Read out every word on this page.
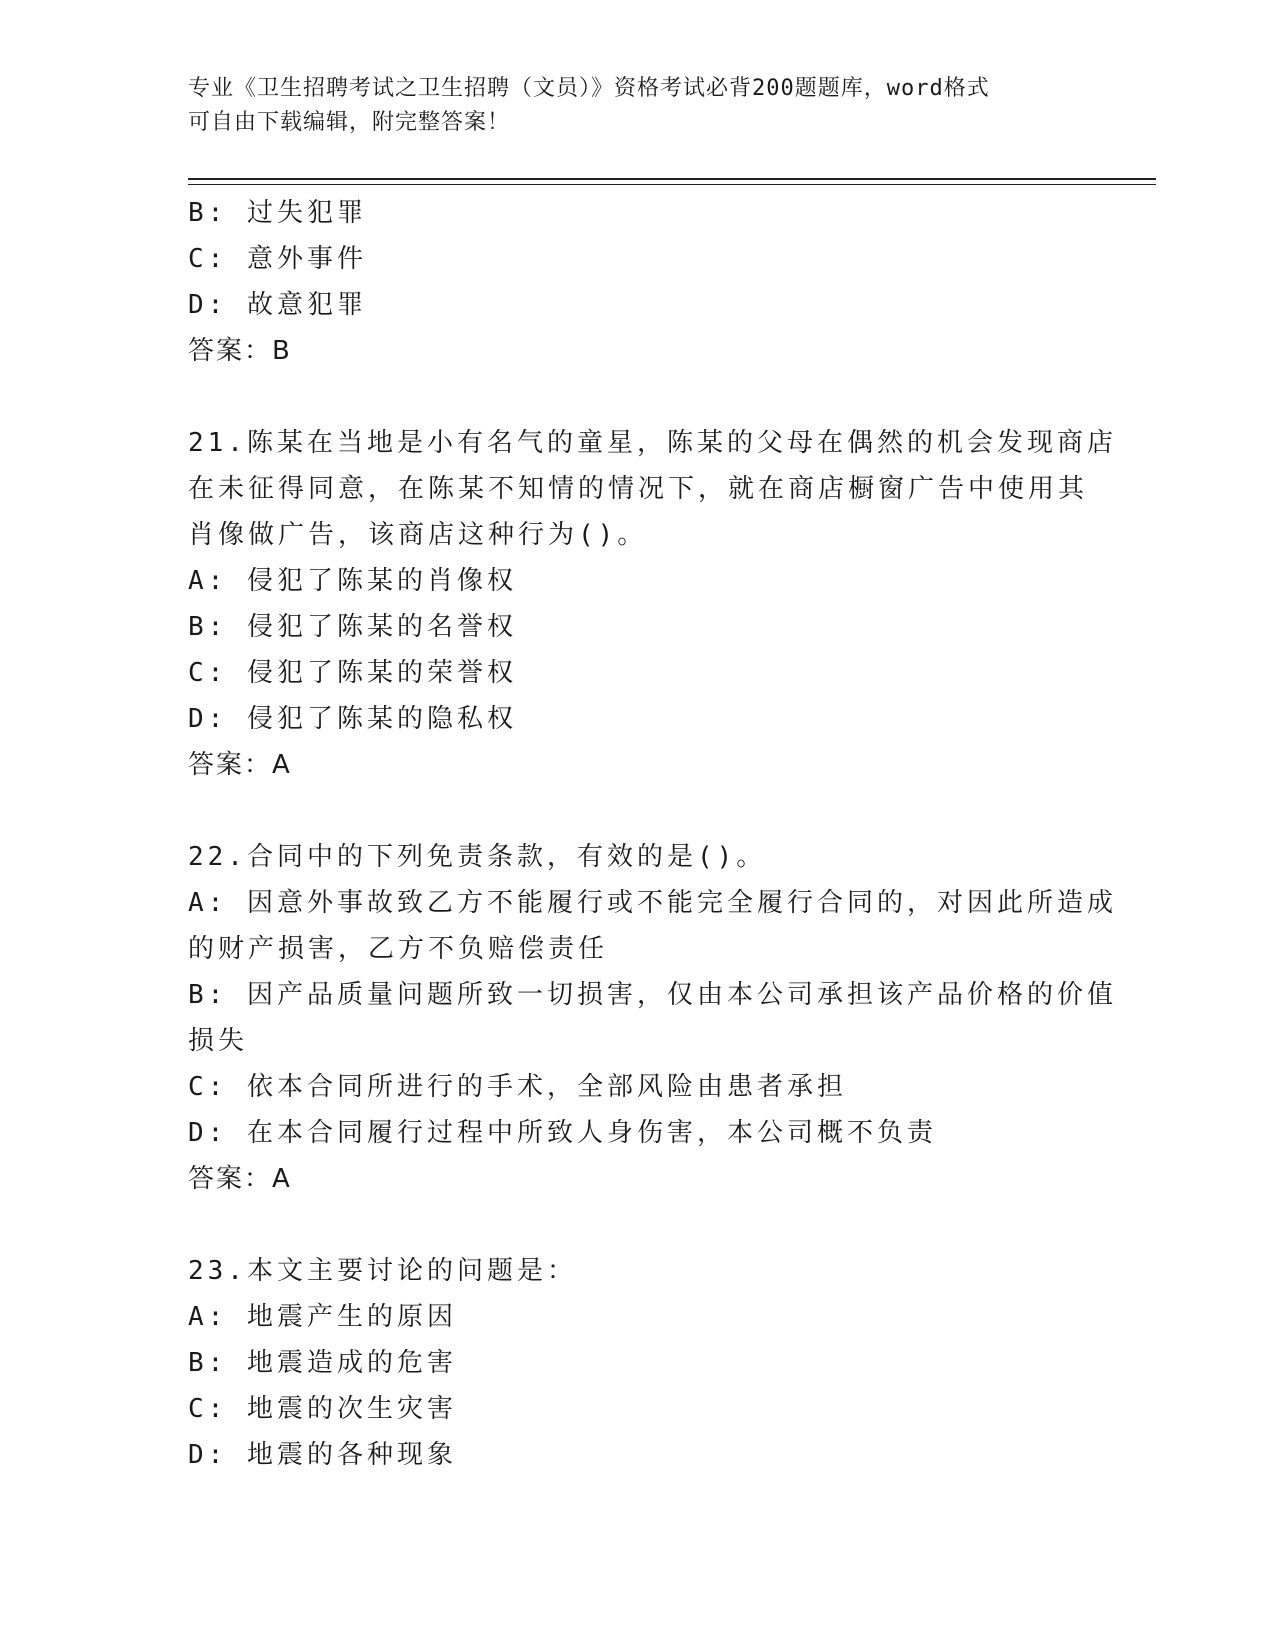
专业《卫生招聘考试之卫生招聘（文员）》资格考试必背200题题库，word格式
可自由下载编辑，附完整答案！
B: 过失犯罪
C: 意外事件
D: 故意犯罪
答案：B
21.陈某在当地是小有名气的童星，陈某的父母在偶然的机会发现商店
在未征得同意，在陈某不知情的情况下，就在商店橱窗广告中使用其
肖像做广告，该商店这种行为()。
A: 侵犯了陈某的肖像权
B: 侵犯了陈某的名誉权
C: 侵犯了陈某的荣誉权
D: 侵犯了陈某的隐私权
答案：A
22.合同中的下列免责条款，有效的是()。
A: 因意外事故致乙方不能履行或不能完全履行合同的，对因此所造成
的财产损害，乙方不负赔偿责任
B: 因产品质量问题所致一切损害，仅由本公司承担该产品价格的价值
损失
C: 依本合同所进行的手术，全部风险由患者承担
D: 在本合同履行过程中所致人身伤害，本公司概不负责
答案：A
23.本文主要讨论的问题是：
A: 地震产生的原因
B: 地震造成的危害
C: 地震的次生灾害
D: 地震的各种现象
